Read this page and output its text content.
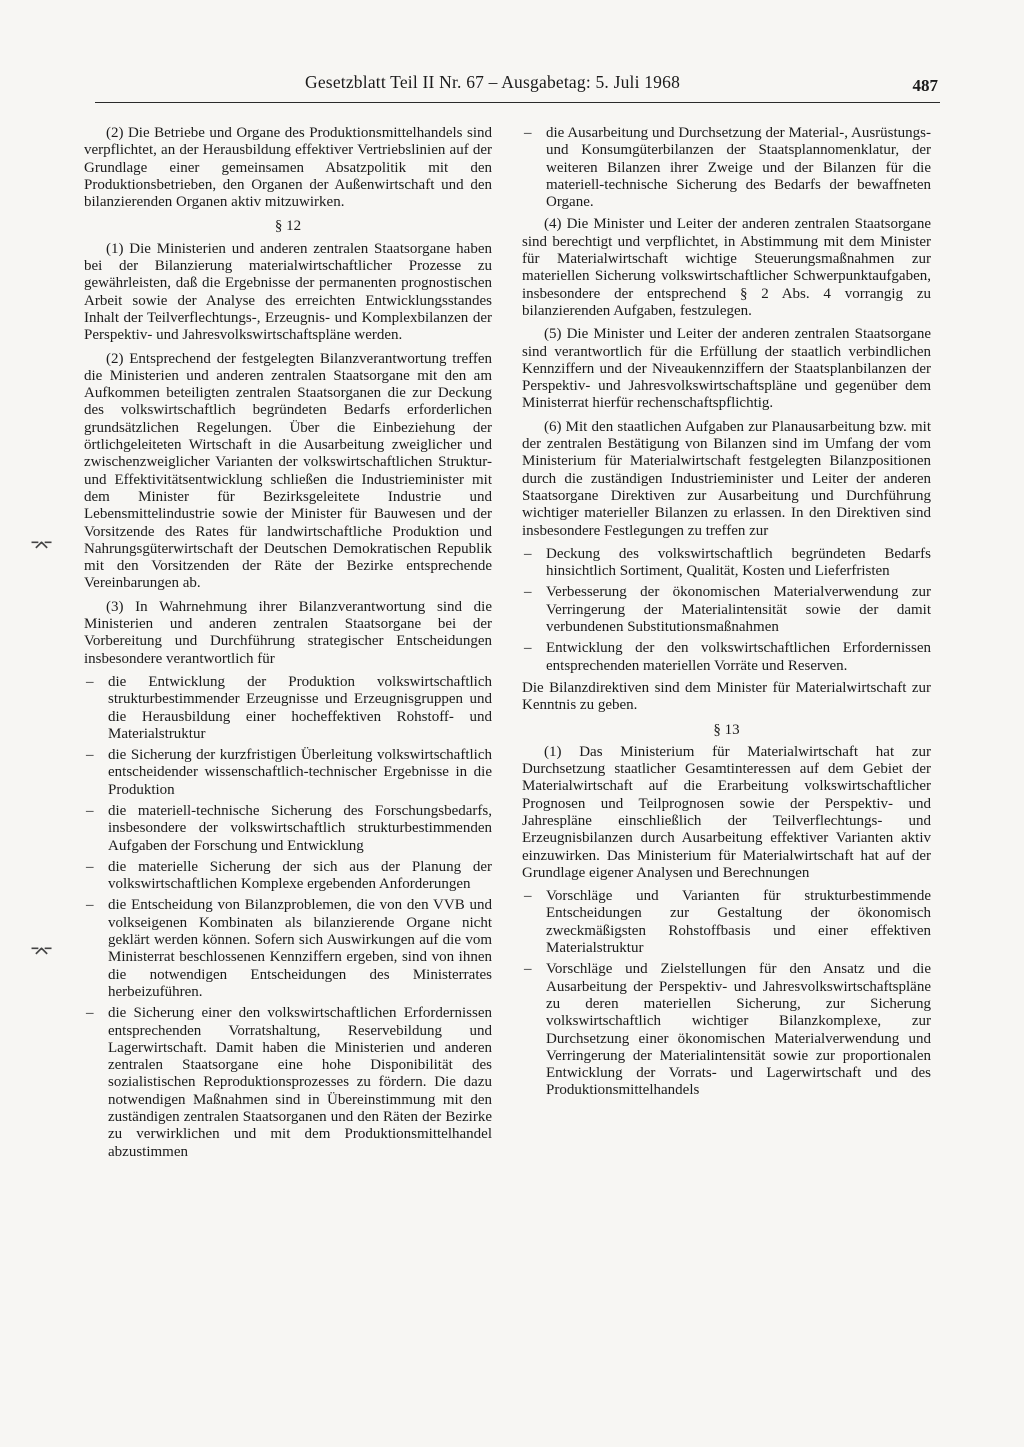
Gesetzblatt Teil II Nr. 67 – Ausgabetag: 5. Juli 1968	487
⌤
⌤

(2) Die Betriebe und Organe des Produktionsmittelhandels sind verpflichtet, an der Herausbildung effektiver Vertriebslinien auf der Grundlage einer gemeinsamen Absatzpolitik mit den Produktionsbetrieben, den Organen der Außenwirtschaft und den bilanzierenden Organen aktiv mitzuwirken.

§ 12

(1) Die Ministerien und anderen zentralen Staatsorgane haben bei der Bilanzierung materialwirtschaftlicher Prozesse zu gewährleisten, daß die Ergebnisse der permanenten prognostischen Arbeit sowie der Analyse des erreichten Entwicklungsstandes Inhalt der Teilverflechtungs-, Erzeugnis- und Komplexbilanzen der Perspektiv- und Jahresvolkswirtschaftspläne werden.

(2) Entsprechend der festgelegten Bilanzverantwortung treffen die Ministerien und anderen zentralen Staatsorgane mit den am Aufkommen beteiligten zentralen Staatsorganen die zur Deckung des volkswirtschaftlich begründeten Bedarfs erforderlichen grundsätzlichen Regelungen. Über die Einbeziehung der örtlichgeleiteten Wirtschaft in die Ausarbeitung zweiglicher und zwischenzweiglicher Varianten der volkswirtschaftlichen Struktur- und Effektivitätsentwicklung schließen die Industrieminister mit dem Minister für Bezirksgeleitete Industrie und Lebensmittelindustrie sowie der Minister für Bauwesen und der Vorsitzende des Rates für landwirtschaftliche Produktion und Nahrungsgüterwirtschaft der Deutschen Demokratischen Republik mit den Vorsitzenden der Räte der Bezirke entsprechende Vereinbarungen ab.

(3) In Wahrnehmung ihrer Bilanzverantwortung sind die Ministerien und anderen zentralen Staatsorgane bei der Vorbereitung und Durchführung strategischer Entscheidungen insbesondere verantwortlich für

– die Entwicklung der Produktion volkswirtschaftlich strukturbestimmender Erzeugnisse und Erzeugnisgruppen und die Herausbildung einer hocheffektiven Rohstoff- und Materialstruktur
– die Sicherung der kurzfristigen Überleitung volkswirtschaftlich entscheidender wissenschaftlich-technischer Ergebnisse in die Produktion
– die materiell-technische Sicherung des Forschungsbedarfs, insbesondere der volkswirtschaftlich strukturbestimmenden Aufgaben der Forschung und Entwicklung
– die materielle Sicherung der sich aus der Planung der volkswirtschaftlichen Komplexe ergebenden Anforderungen
– die Entscheidung von Bilanzproblemen, die von den VVB und volkseigenen Kombinaten als bilanzierende Organe nicht geklärt werden können. Sofern sich Auswirkungen auf die vom Ministerrat beschlossenen Kennziffern ergeben, sind von ihnen die notwendigen Entscheidungen des Ministerrates herbeizuführen.
– die Sicherung einer den volkswirtschaftlichen Erfordernissen entsprechenden Vorratshaltung, Reservebildung und Lagerwirtschaft. Damit haben die Ministerien und anderen zentralen Staatsorgane eine hohe Disponibilität des sozialistischen Reproduktionsprozesses zu fördern. Die dazu notwendigen Maßnahmen sind in Übereinstimmung mit den zuständigen zentralen Staatsorganen und den Räten der Bezirke zu verwirklichen und mit dem Produktionsmittelhandel abzustimmen
– die Ausarbeitung und Durchsetzung der Material-, Ausrüstungs- und Konsumgüterbilanzen der Staatsplannomenklatur, der weiteren Bilanzen ihrer Zweige und der Bilanzen für die materiell-technische Sicherung des Bedarfs der bewaffneten Organe.

(4) Die Minister und Leiter der anderen zentralen Staatsorgane sind berechtigt und verpflichtet, in Abstimmung mit dem Minister für Materialwirtschaft wichtige Steuerungsmaßnahmen zur materiellen Sicherung volkswirtschaftlicher Schwerpunktaufgaben, insbesondere der entsprechend § 2 Abs. 4 vorrangig zu bilanzierenden Aufgaben, festzulegen.

(5) Die Minister und Leiter der anderen zentralen Staatsorgane sind verantwortlich für die Erfüllung der staatlich verbindlichen Kennziffern und der Niveaukennziffern der Staatsplanbilanzen der Perspektiv- und Jahresvolkswirtschaftspläne und gegenüber dem Ministerrat hierfür rechenschaftspflichtig.

(6) Mit den staatlichen Aufgaben zur Planausarbeitung bzw. mit der zentralen Bestätigung von Bilanzen sind im Umfang der vom Ministerium für Materialwirtschaft festgelegten Bilanzpositionen durch die zuständigen Industrieminister und Leiter der anderen Staatsorgane Direktiven zur Ausarbeitung und Durchführung wichtiger materieller Bilanzen zu erlassen. In den Direktiven sind insbesondere Festlegungen zu treffen zur

– Deckung des volkswirtschaftlich begründeten Bedarfs hinsichtlich Sortiment, Qualität, Kosten und Lieferfristen
– Verbesserung der ökonomischen Materialverwendung zur Verringerung der Materialintensität sowie der damit verbundenen Substitutionsmaßnahmen
– Entwicklung der den volkswirtschaftlichen Erfordernissen entsprechenden materiellen Vorräte und Reserven.

Die Bilanzdirektiven sind dem Minister für Materialwirtschaft zur Kenntnis zu geben.

§ 13

(1) Das Ministerium für Materialwirtschaft hat zur Durchsetzung staatlicher Gesamtinteressen auf dem Gebiet der Materialwirtschaft auf die Erarbeitung volkswirtschaftlicher Prognosen und Teilprognosen sowie der Perspektiv- und Jahrespläne einschließlich der Teilverflechtungs- und Erzeugnisbilanzen durch Ausarbeitung effektiver Varianten aktiv einzuwirken. Das Ministerium für Materialwirtschaft hat auf der Grundlage eigener Analysen und Berechnungen

– Vorschläge und Varianten für strukturbestimmende Entscheidungen zur Gestaltung der ökonomisch zweckmäßigsten Rohstoffbasis und einer effektiven Materialstruktur
– Vorschläge und Zielstellungen für den Ansatz und die Ausarbeitung der Perspektiv- und Jahresvolkswirtschaftspläne zu deren materiellen Sicherung, zur Sicherung volkswirtschaftlich wichtiger Bilanzkomplexe, zur Durchsetzung einer ökonomischen Materialverwendung und Verringerung der Materialintensität sowie zur proportionalen Entwicklung der Vorrats- und Lagerwirtschaft und des Produktionsmittelhandels
